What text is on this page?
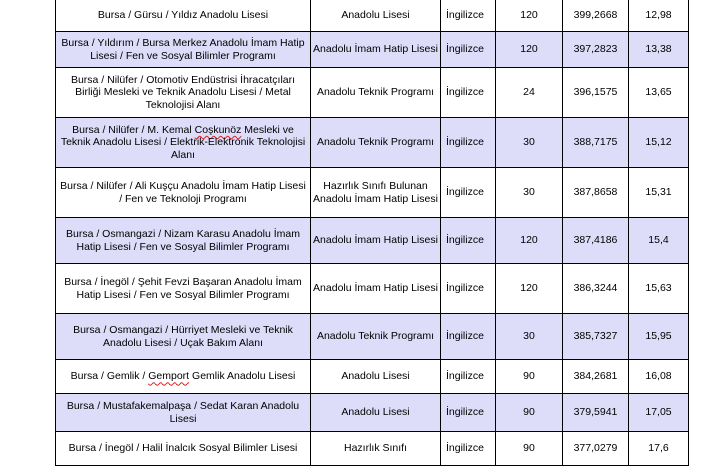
Bursa / Gürsu / Yıldız Anadolu Lisesi	Anadolu Lisesi	İngilizce	120	399,2668	12,98
Bursa / Yıldırım / Bursa Merkez Anadolu İmam Hatip Lisesi / Fen ve Sosyal Bilimler Programı	Anadolu İmam Hatip Lisesi	İngilizce	120	397,2823	13,38
Bursa / Nilüfer / Otomotiv Endüstrisi İhracatçıları Birliği Mesleki ve Teknik Anadolu Lisesi / Metal Teknolojisi Alanı	Anadolu Teknik Programı	İngilizce	24	396,1575	13,65
Bursa / Nilüfer / M. Kemal Coşkunöz Mesleki ve Teknik Anadolu Lisesi / Elektrik-Elektronik Teknolojisi Alanı	Anadolu Teknik Programı	İngilizce	30	388,7175	15,12
Bursa / Nilüfer / Ali Kuşçu Anadolu İmam Hatip Lisesi / Fen ve Teknoloji Programı	Hazırlık Sınıfı Bulunan Anadolu İmam Hatip Lisesi	İngilizce	30	387,8658	15,31
Bursa / Osmangazi / Nizam Karasu Anadolu İmam Hatip Lisesi / Fen ve Sosyal Bilimler Programı	Anadolu İmam Hatip Lisesi	İngilizce	120	387,4186	15,4
Bursa / İnegöl / Şehit Fevzi Başaran Anadolu İmam Hatip Lisesi / Fen ve Sosyal Bilimler Programı	Anadolu İmam Hatip Lisesi	İngilizce	120	386,3244	15,63
Bursa / Osmangazi / Hürriyet Mesleki ve Teknik Anadolu Lisesi / Uçak Bakım Alanı	Anadolu Teknik Programı	İngilizce	30	385,7327	15,95
Bursa / Gemlik / Gemport Gemlik Anadolu Lisesi	Anadolu Lisesi	İngilizce	90	384,2681	16,08
Bursa / Mustafakemalpaşa / Sedat Karan Anadolu Lisesi	Anadolu Lisesi	İngilizce	90	379,5941	17,05
Bursa / İnegöl / Halil İnalcık Sosyal Bilimler Lisesi	Hazırlık Sınıfı	İngilizce	90	377,0279	17,6
